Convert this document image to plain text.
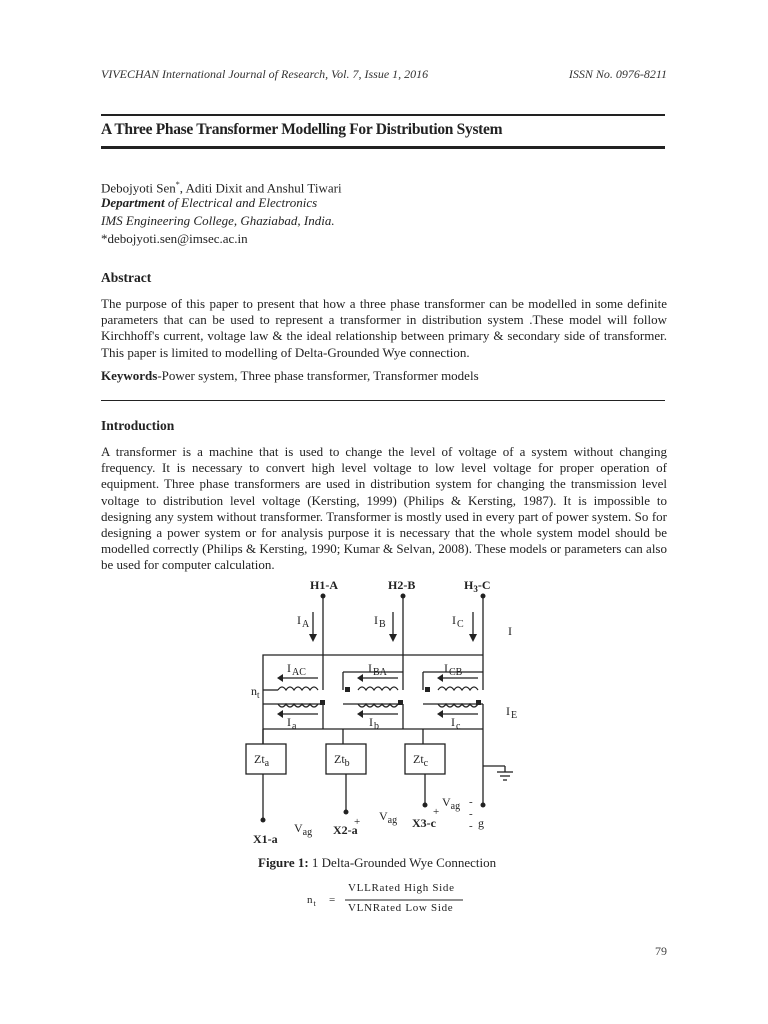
VIVECHAN International Journal of Research, Vol. 7, Issue 1, 2016	ISSN No. 0976-8211
A Three Phase Transformer Modelling For Distribution System
Debojyoti Sen*, Aditi Dixit and Anshul Tiwari
Department of Electrical and Electronics
IMS Engineering College, Ghaziabad, India.
*debojyoti.sen@imsec.ac.in
Abstract
The purpose of this paper to present that how a three phase transformer can be modelled in some definite parameters that can be used to represent a transformer in distribution system .These model will follow Kirchhoff's current, voltage law & the ideal relationship between primary & secondary side of transformer. This paper is limited to modelling of Delta-Grounded Wye connection.
Keywords-Power system, Three phase transformer, Transformer models
Introduction
A transformer is a machine that is used to change the level of voltage of a system without changing frequency. It is necessary to convert high level voltage to low level voltage for proper operation of equipment. Three phase transformers are used in distribution system for changing the transmission level voltage to distribution level voltage (Kersting, 1999) (Philips & Kersting, 1987). It is impossible to designing any system without transformer. Transformer is mostly used in every part of power system. So for designing a power system or for analysis purpose it is necessary that the whole system model should be modelled correctly (Philips & Kersting, 1990; Kumar & Selvan, 2008). These models or parameters can also be used for computer calculation.
H1-A	H2-B	$H_3-C$
$I_A$	$I_B$	$I_C$	I
$I_{AC}$	$I_{BA}$	$I_{CB}$
$n_t$
$I_a$	$I_b$	$I_c$
$I_E$
$Zt_a$	$Zt_b$	$Zt_c$
$V_{ag}$
$V_{ag}$
$V_{ag}$
+
+
-
-
- g
X1-a
X2-a	X3-c
Figure 1: 1 Delta-Grounded Wye Connection
$n_t$ =
VLLRated High Side
VLNRated Low Side
79
